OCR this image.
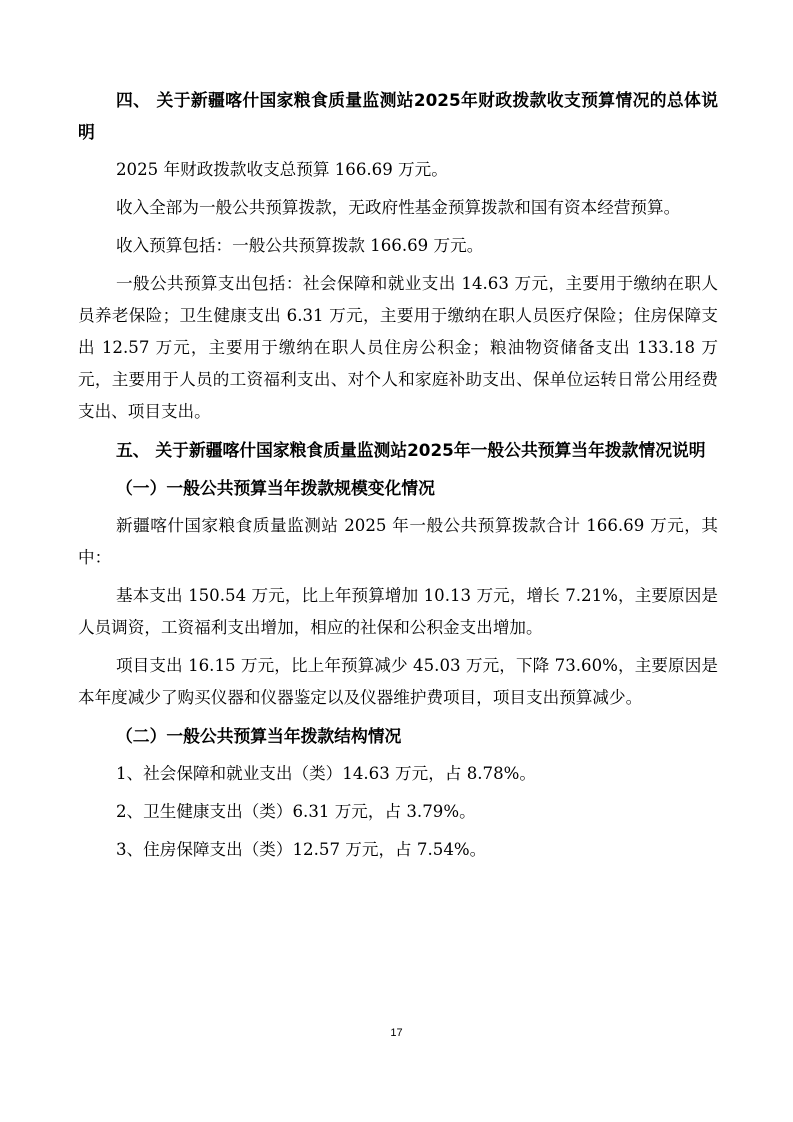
四、 关于新疆喀什国家粮食质量监测站2025年财政拨款收支预算情况的总体说明

2025 年财政拨款收支总预算 166.69 万元。

收入全部为一般公共预算拨款，无政府性基金预算拨款和国有资本经营预算。

收入预算包括：一般公共预算拨款 166.69 万元。

一般公共预算支出包括：社会保障和就业支出 14.63 万元，主要用于缴纳在职人员养老保险；卫生健康支出 6.31 万元，主要用于缴纳在职人员医疗保险；住房保障支出 12.57 万元，主要用于缴纳在职人员住房公积金；粮油物资储备支出 133.18 万元，主要用于人员的工资福利支出、对个人和家庭补助支出、保单位运转日常公用经费支出、项目支出。

五、 关于新疆喀什国家粮食质量监测站2025年一般公共预算当年拨款情况说明

（一）一般公共预算当年拨款规模变化情况

新疆喀什国家粮食质量监测站 2025 年一般公共预算拨款合计 166.69 万元，其中：

基本支出 150.54 万元，比上年预算增加 10.13 万元，增长 7.21%，主要原因是人员调资，工资福利支出增加，相应的社保和公积金支出增加。

项目支出 16.15 万元，比上年预算减少 45.03 万元，下降 73.60%，主要原因是本年度减少了购买仪器和仪器鉴定以及仪器维护费项目，项目支出预算减少。

（二）一般公共预算当年拨款结构情况

1、社会保障和就业支出（类）14.63 万元，占 8.78%。

2、卫生健康支出（类）6.31 万元，占 3.79%。

3、住房保障支出（类）12.57 万元，占 7.54%。

17
